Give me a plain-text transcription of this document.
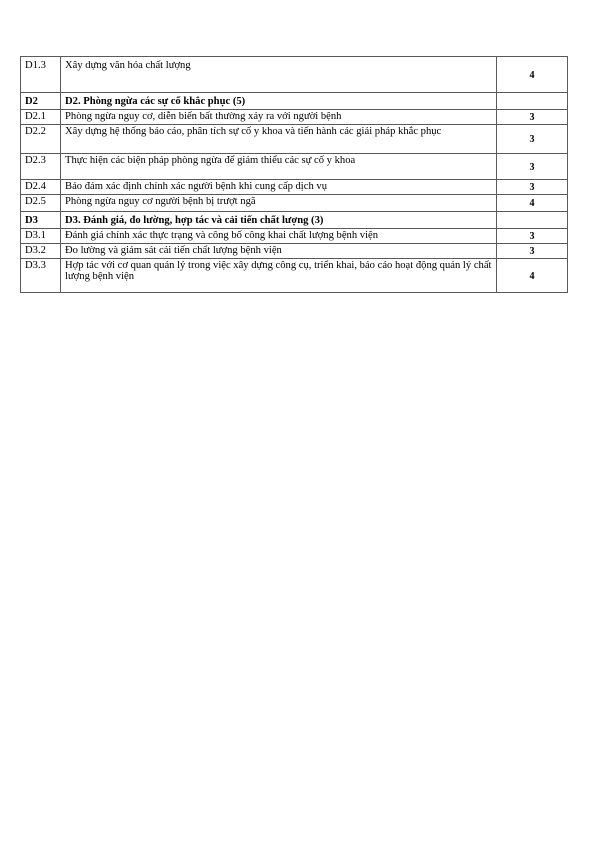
D1.3	Xây dựng văn hóa chất lượng	4
D2	D2. Phòng ngừa các sự cố khắc phục (5)	
D2.1	Phòng ngừa nguy cơ, diễn biến bất thường xảy ra với người bệnh	3
D2.2	Xây dựng hệ thống báo cáo, phân tích sự cố y khoa và tiến hành các giải pháp khắc phục	3
D2.3	Thực hiện các biện pháp phòng ngừa để giảm thiểu các sự cố y khoa	3
D2.4	Bảo đảm xác định chính xác người bệnh khi cung cấp dịch vụ	3
D2.5	Phòng ngừa nguy cơ người bệnh bị trượt ngã	4
D3	D3. Đánh giá, đo lường, hợp tác và cải tiến chất lượng (3)	
D3.1	Đánh giá chính xác thực trạng và công bố công khai chất lượng bệnh viện	3
D3.2	Đo lường và giám sát cải tiến chất lượng bệnh viện	3
D3.3	Hợp tác với cơ quan quản lý trong việc xây dựng công cụ, triển khai, báo cáo hoạt động quản lý chất lượng bệnh viện	4
